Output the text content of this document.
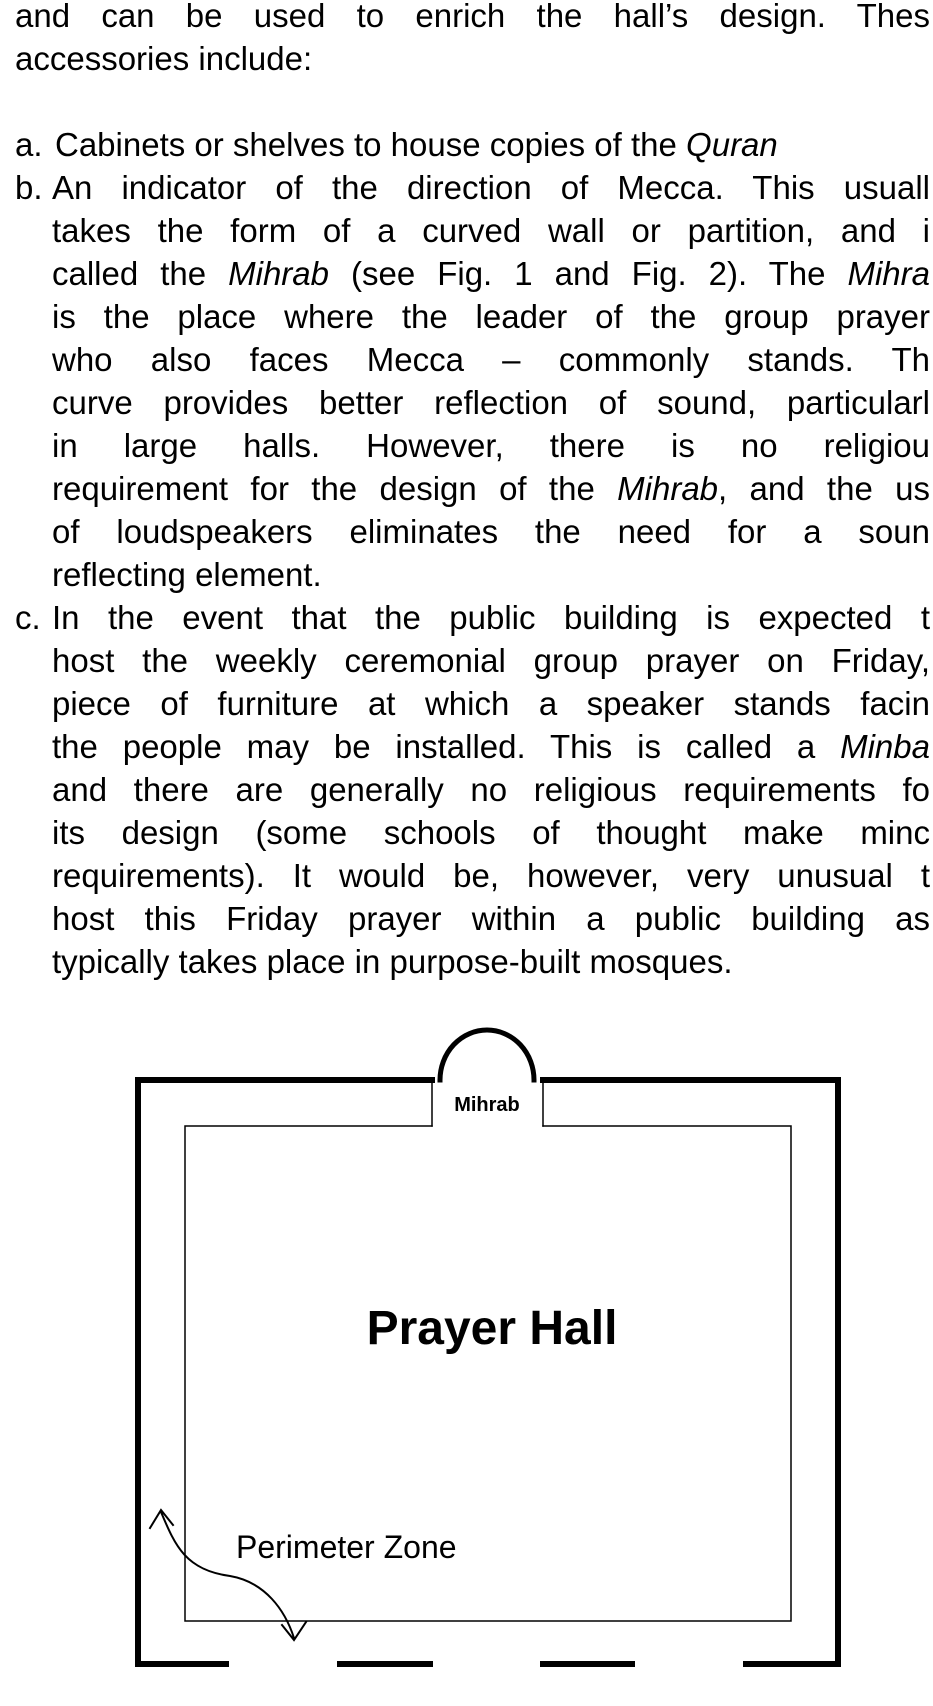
and can be used to enrich the hall’s design. Thes
accessories include:
a. Cabinets or shelves to house copies of the Quran
b. An indicator of the direction of Mecca. This usuall
takes the form of a curved wall or partition, and i
called the Mihrab (see Fig. 1 and Fig. 2). The Mihra
is the place where the leader of the group prayer
who also faces Mecca – commonly stands. Th
curve provides better reflection of sound, particularl
in large halls. However, there is no religiou
requirement for the design of the Mihrab, and the us
of loudspeakers eliminates the need for a soun
reflecting element.
c. In the event that the public building is expected t
host the weekly ceremonial group prayer on Friday,
piece of furniture at which a speaker stands facin
the people may be installed. This is called a Minba
and there are generally no religious requirements fo
its design (some schools of thought make minc
requirements). It would be, however, very unusual t
host this Friday prayer within a public building as
typically takes place in purpose-built mosques.
Mihrab
Prayer Hall
Perimeter Zone
